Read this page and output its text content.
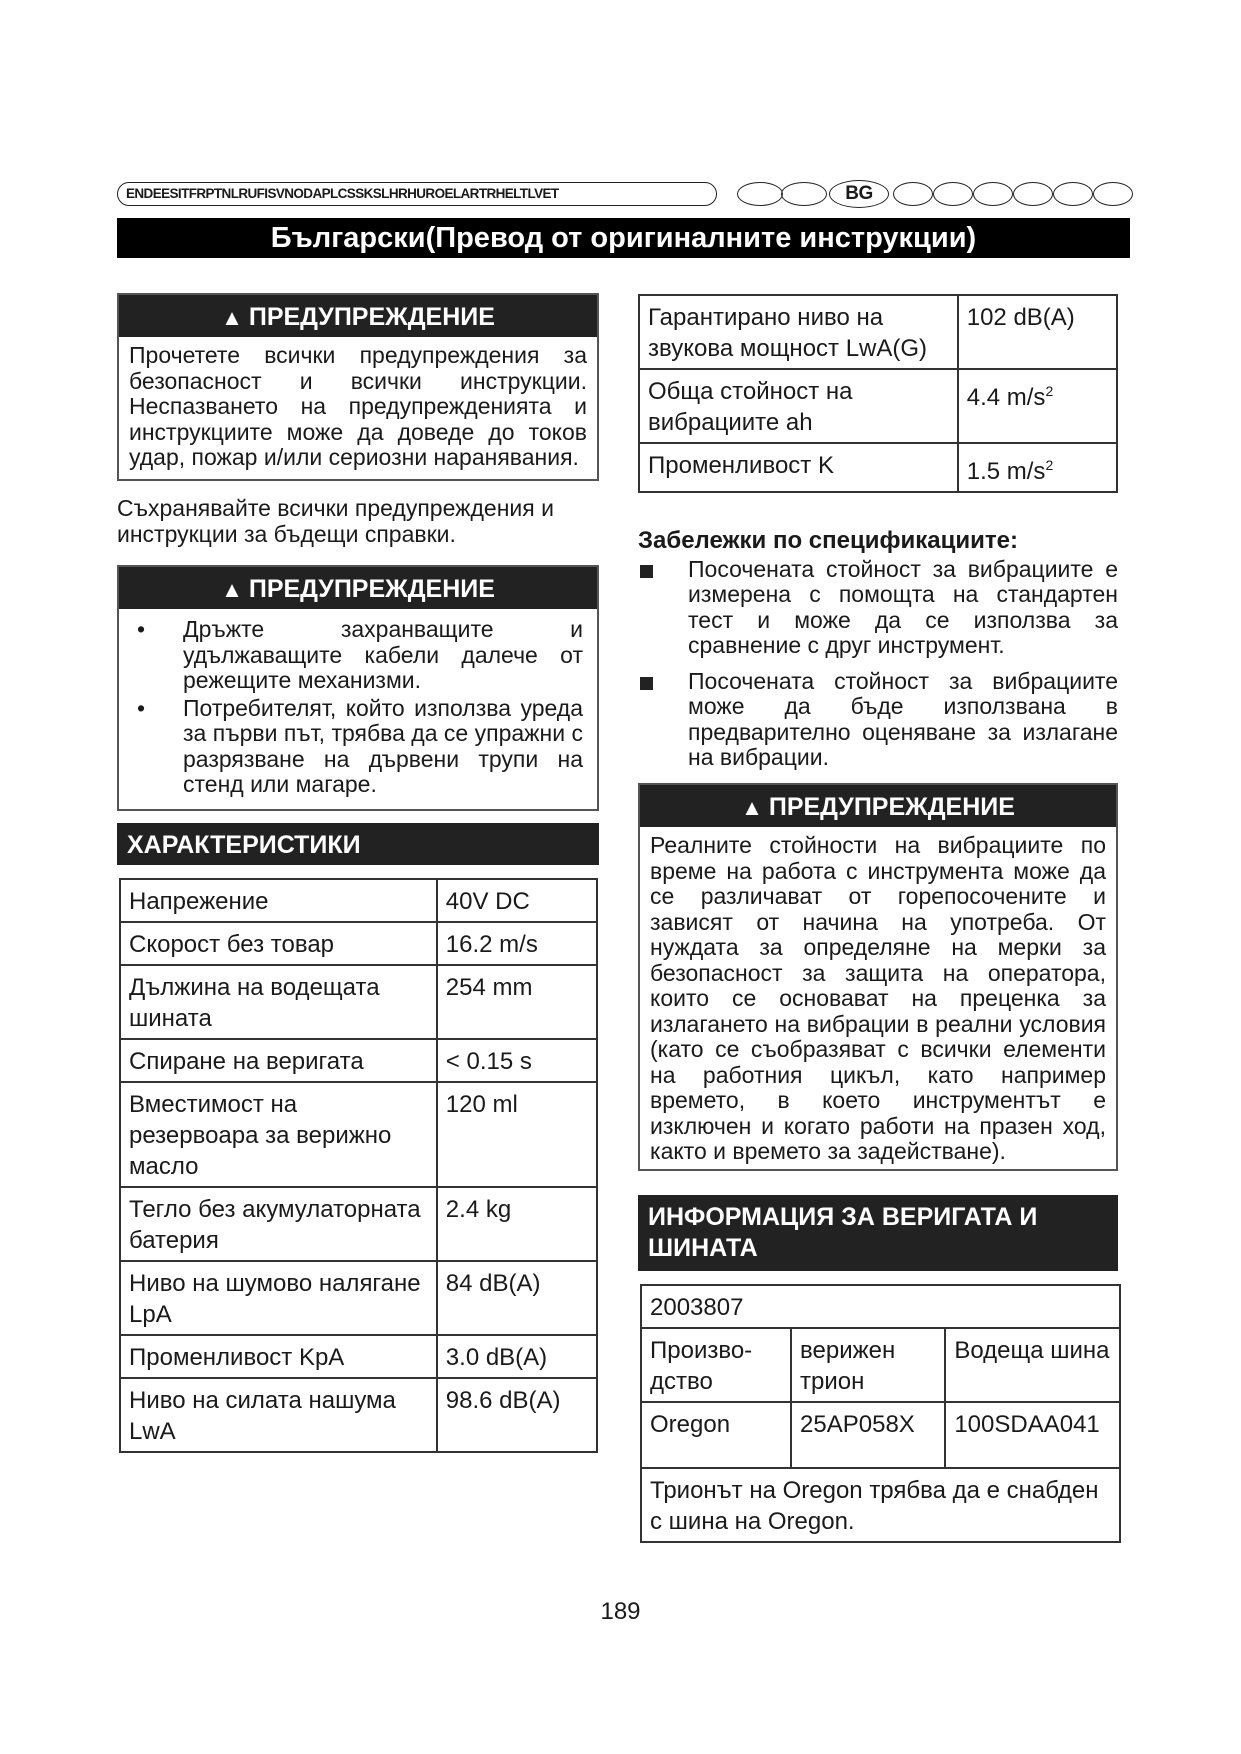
ENDEESITFRPTNLRUFISVNODAPLCSSKSLHRHUROELARTRHELTLVET	BG
Български(Превод от оригиналните инструкции)
▲ ПРЕДУПРЕЖДЕНИЕ
Прочетете всички предупреждения за безопасност и всички инструкции. Неспазването на предупрежденията и инструкциите може да доведе до токов удар, пожар и/или сериозни наранявания.
Съхранявайте всички предупреждения и инструкции за бъдещи справки.
▲ ПРЕДУПРЕЖДЕНИЕ
• Дръжте захранващите и удължаващите кабели далече от режещите механизми.
• Потребителят, който използва уреда за първи път, трябва да се упражни с разрязване на дървени трупи на стенд или магаре.
ХАРАКТЕРИСТИКИ
Напрежение	40V DC
Скорост без товар	16.2 m/s
Дължина на водещата шината	254 mm
Спиране на веригата	< 0.15 s
Вместимост на резервоара за верижно масло	120 ml
Тегло без акумулаторната батерия	2.4 kg
Ниво на шумово налягане LpA	84 dB(A)
Променливост KpA	3.0 dB(A)
Ниво на силата нашума LwA	98.6 dB(A)
Гарантирано ниво на звукова мощност LwA(G)	102 dB(A)
Обща стойност на вибрациите ah	4.4 $m/s^2$
Променливост K	1.5 $m/s^2$
Забележки по спецификациите:
Посочената стойност за вибрациите е измерена с помощта на стандартен тест и може да се използва за сравнение с друг инструмент.
Посочената стойност за вибрациите може да бъде използвана в предварително оценяване за излагане на вибрации.
▲ ПРЕДУПРЕЖДЕНИЕ
Реалните стойности на вибрациите по време на работа с инструмента може да се различават от горепосочените и зависят от начина на употреба. От нуждата за определяне на мерки за безопасност за защита на оператора, които се основават на преценка за излагането на вибрации в реални условия (като се съобразяват с всички елементи на работния цикъл, като например времето, в което инструментът е изключен и когато работи на празен ход, както и времето за задействане).
ИНФОРМАЦИЯ ЗА ВЕРИГАТА И ШИНАТА
2003807		
Произво-дство	верижен трион	Водеща шина
Oregon	25AP058X	100SDAA041
Трионът на Oregon трябва да е снабден с шина на Oregon.		
189
